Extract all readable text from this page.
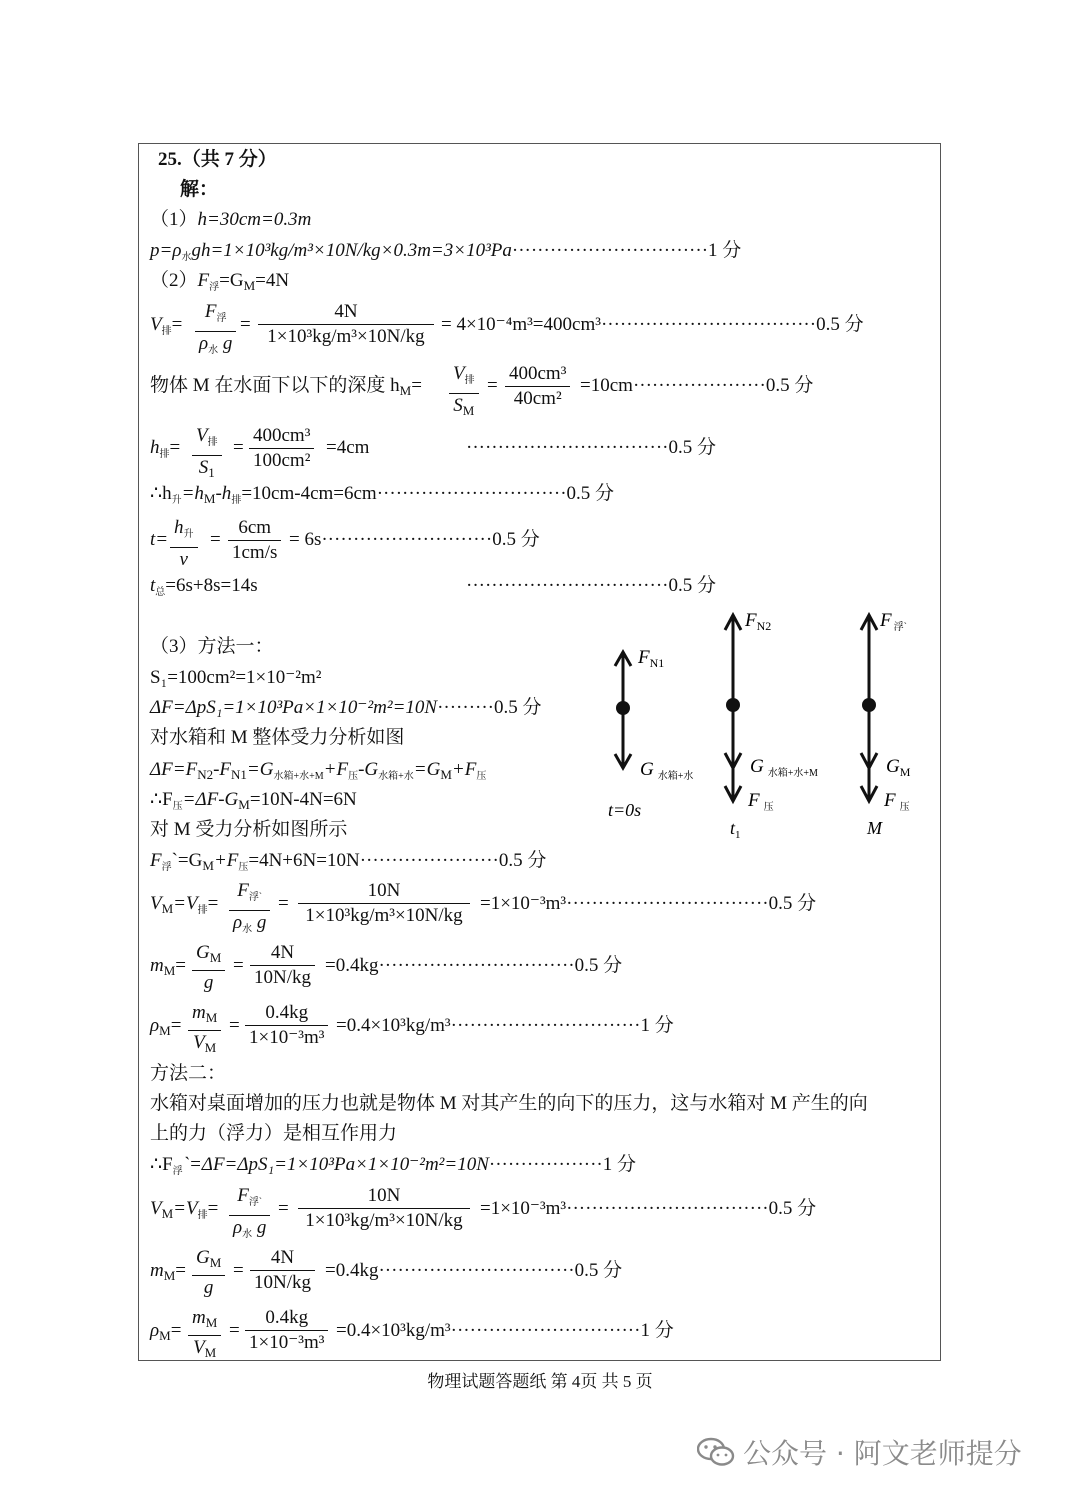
25.（共 7 分）
解：
（1）h=30cm=0.3m
$p=\rho_水gh=1\times 10^3kg/m^3\times 10N/kg\times 0.3m=3\times 10^3Pa\cdot\cdot\cdot\cdot\cdot\cdot\cdot\cdot\cdot\cdot\cdot\cdot\cdot\cdot\cdot\cdot\cdot\cdot\cdot\cdot\cdot\cdot\cdot\cdot\cdot\cdot\cdot\cdot\cdot\cdot\cdot 1$ 分
$(2)F_浮=G_M=4N$
$V_排=$
$F_浮$
$\rho_水$ g
=
4N
1×10³kg/m³×10N/kg
= 4×10⁻⁴m³=400cm³··································0.5 分
物体 M 在水面下以下的深度 $h_M=$
$V_排$
$S_M$
=
400cm³
40cm²
=10cm·····················0.5 分
$h_排=$
$V_排$
$S_1$
=
400cm³
100cm²
=4cm	································0.5 分
$\therefore h_升=h_M-h_排=10cm-4cm=6cm\cdot\cdot\cdot\cdot\cdot\cdot\cdot\cdot\cdot\cdot\cdot\cdot\cdot\cdot\cdot\cdot\cdot\cdot\cdot\cdot\cdot\cdot\cdot\cdot\cdot\cdot\cdot\cdot\cdot\cdot 0.5$ 分
t=
$h_升$
v
=
6cm
1cm/s
= 6s···························0.5 分
$t_总=6s+8s=14s$	································0.5 分
（3）方法一：
S₁=100cm²=1×10⁻²m²
ΔF=ΔpS₁=1×10³Pa×1×10⁻²m²=10N·········0.5 分
对水箱和 M 整体受力分析如图
$\Delta F=F_{N2}-F_{N1}=G_{水箱+水+M}+F_压-G_{水箱+水}=G_M+F_压$
$\therefore F_压=\Delta F-G_M=10N-4N=6N$
对 M 受力分析如图所示
$F_浮`=G_M+F_压=4N+6N=10N\cdot\cdot\cdot\cdot\cdot\cdot\cdot\cdot\cdot\cdot\cdot\cdot\cdot\cdot\cdot\cdot\cdot\cdot\cdot\cdot\cdot\cdot 0.5$ 分
$F_{N1}$
G $_{水箱+水}$
t=0s
$F_{N2}$
G $_{水箱+水+M}$
F $_压$
$t_1$
F $_{浮`}$
$G_M$
F $_压$
M
$V_M=V_排=$
$F_{浮`}$
$\rho_水$ g
=
10N
1×10³kg/m³×10N/kg
=1×10⁻³m³································0.5 分
$m_M=$
$G_M$
g
=
4N
10N/kg
=0.4kg·······························0.5 分
$\rho_M=$
$m_M$
$V_M$
=
0.4kg
1×10⁻³m³
=0.4×10³kg/m³······························1 分
方法二：
水箱对桌面增加的压力也就是物体 M 对其产生的向下的压力，这与水箱对 M 产生的向
上的力（浮力）是相互作用力
$\therefore F_浮`=\Delta F=\Delta pS_1=1\times 10^3Pa\times 1\times 10^{-2}m^2=10N\cdot\cdot\cdot\cdot\cdot\cdot\cdot\cdot\cdot\cdot\cdot\cdot\cdot\cdot\cdot\cdot\cdot\cdot 1$ 分
$V_M=V_排=$
$F_{浮`}$
$\rho_水$ g
=
10N
1×10³kg/m³×10N/kg
=1×10⁻³m³································0.5 分
$m_M=$
$G_M$
g
=
4N
10N/kg
=0.4kg·······························0.5 分
$\rho_M=$
$m_M$
$V_M$
=
0.4kg
1×10⁻³m³
=0.4×10³kg/m³······························1 分
物理试题答题纸 第 4页 共 5 页
公众号 · 阿文老师提分
